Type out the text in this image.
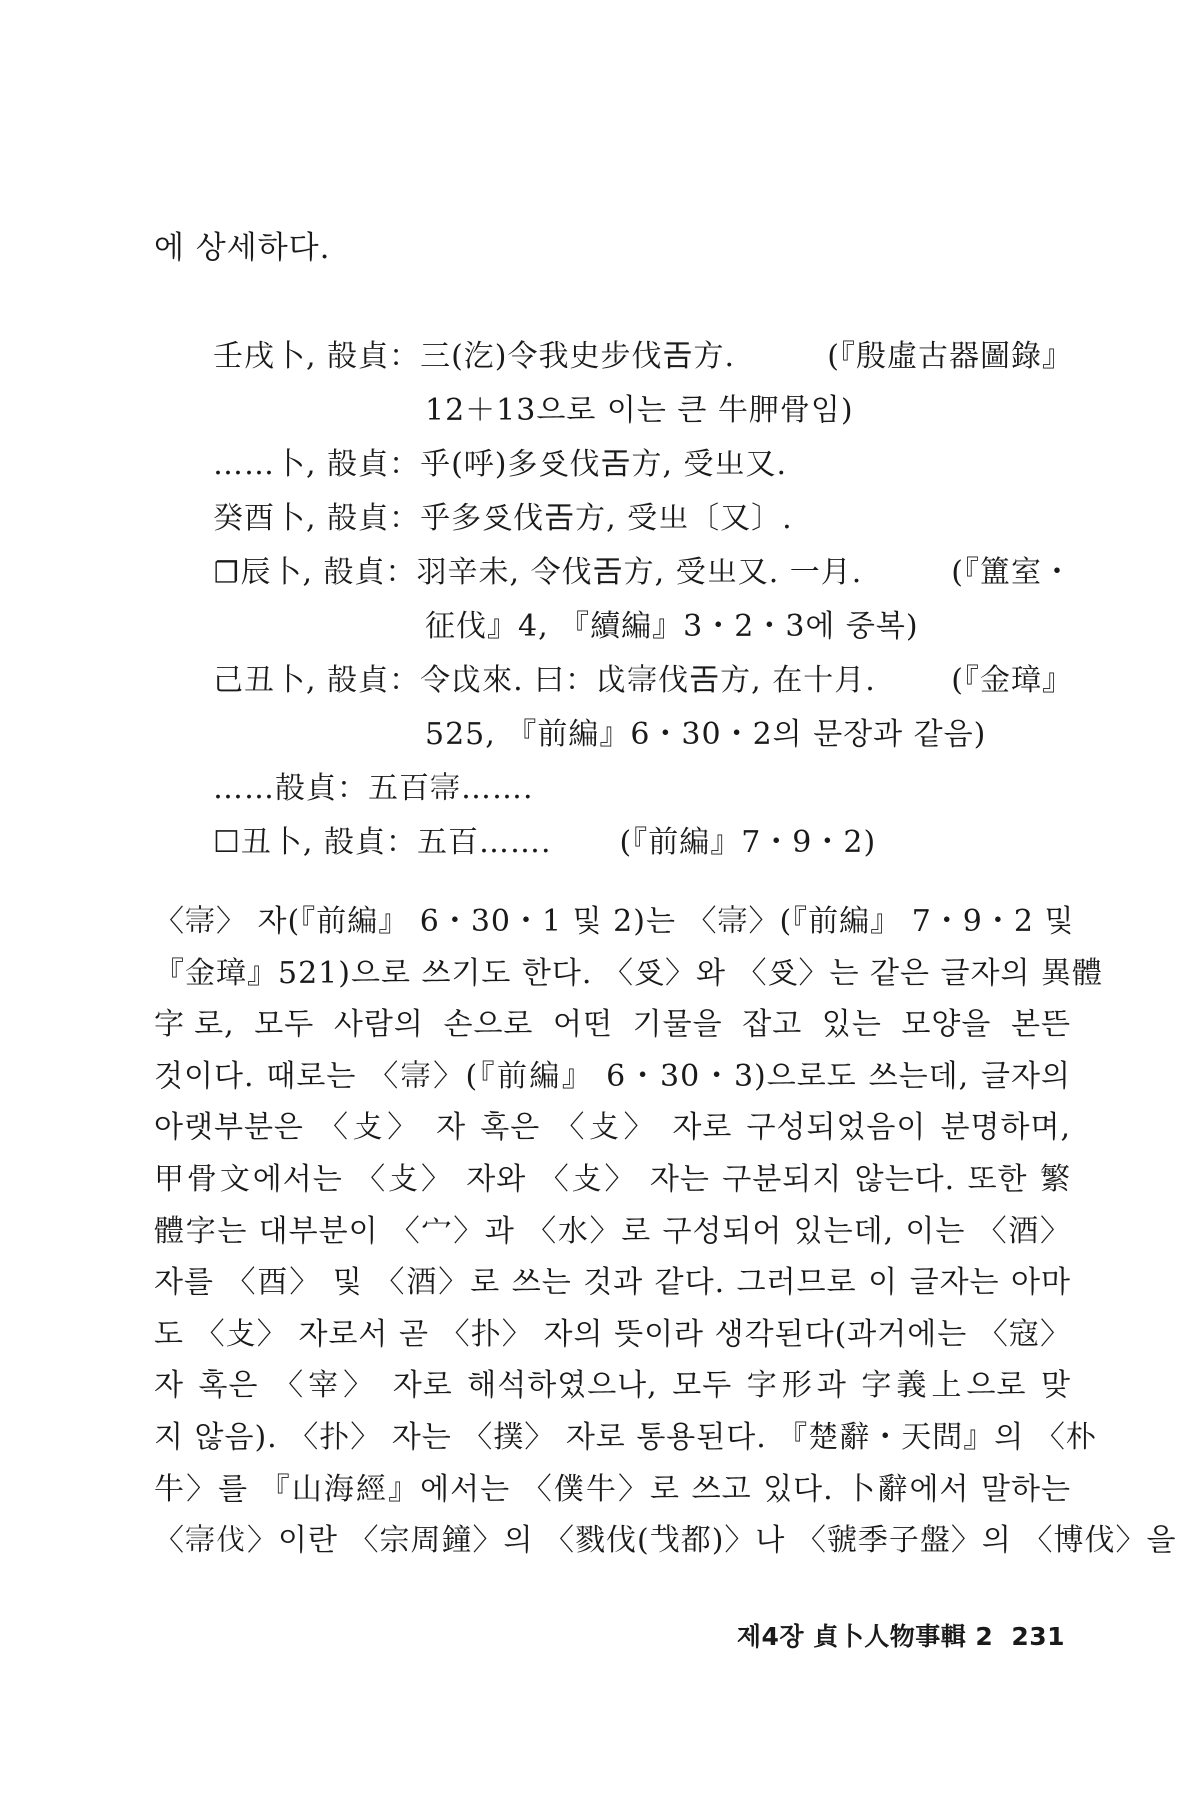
에 상세하다.
壬戌卜, 㱿貞：三(汔)令我史步伐𢀛方.	(『殷虛古器圖錄』
12＋13으로 이는 큰 牛胛骨임)
……卜, 㱿貞：乎(呼)多𠬪伐𢀛方, 受㞢又.
癸酉卜, 㱿貞：乎多𠬪伐𢀛方, 受㞢〔又〕.
☐辰卜, 㱿貞：羽辛未, 令伐𢀛方, 受㞢又. 一月.	(『簠室・
征伐』4, 『續編』3・2・3에 중복)
己丑卜, 㱿貞：令戉來. 曰：戉𡨦伐𢀛方, 在十月.	(『金璋』
525, 『前編』6・30・2의 문장과 같음)
……㱿貞：五百𡨦…….
☐丑卜, 㱿貞：五百……. (『前編』7・9・2)
〈𡨦〉 자(『前編』 6・30・1 및 2)는 〈𡨦〉(『前編』 7・9・2 및
『金璋』521)으로 쓰기도 한다. 〈𠬪〉와 〈𠬪〉는 같은 글자의 異體
字로, 모두 사람의 손으로 어떤 기물을 잡고 있는 모양을 본뜬
것이다. 때로는 〈𡨦〉(『前編』 6・30・3)으로도 쓰는데, 글자의
아랫부분은 〈攴〉 자 혹은 〈攴〉 자로 구성되었음이 분명하며,
甲骨文에서는 〈攴〉 자와 〈攴〉 자는 구분되지 않는다. 또한 繁
體字는 대부분이 〈宀〉과 〈水〉로 구성되어 있는데, 이는 〈酒〉
자를 〈酉〉 및 〈酒〉로 쓰는 것과 같다. 그러므로 이 글자는 아마
도 〈攴〉 자로서 곧 〈扑〉 자의 뜻이라 생각된다(과거에는 〈寇〉
자 혹은 〈宰〉 자로 해석하였으나, 모두 字形과 字義上으로 맞
지 않음). 〈扑〉 자는 〈撲〉 자로 통용된다. 『楚辭・天問』의 〈朴
牛〉를 『山海經』에서는 〈僕牛〉로 쓰고 있다. 卜辭에서 말하는
〈𡨦伐〉이란 〈宗周鐘〉의 〈戮伐(𢦏都)〉나 〈虢季子盤〉의 〈博伐〉을
제4장 貞卜人物事輯 2 231
